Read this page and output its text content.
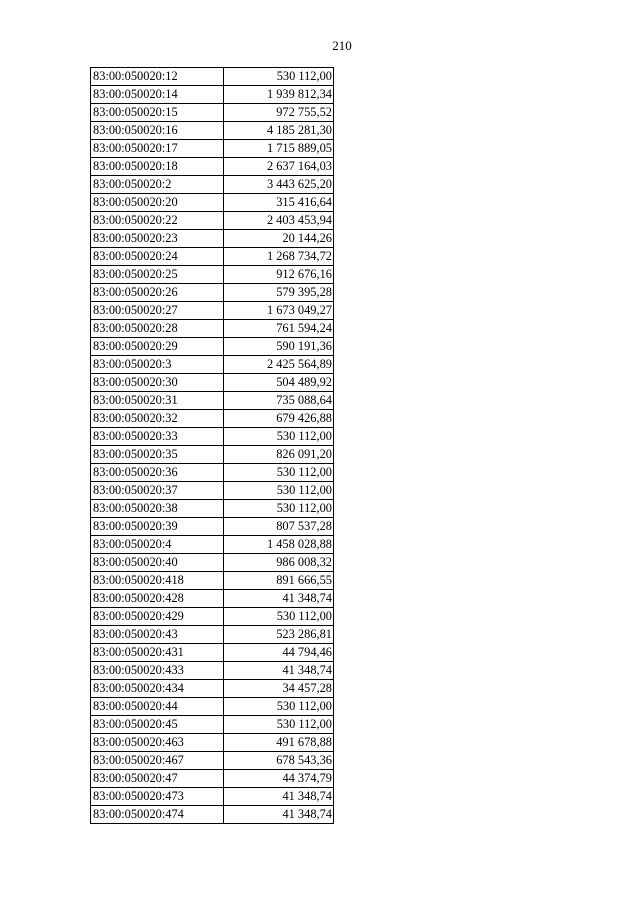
210
83:00:050020:12	530 112,00
83:00:050020:14	1 939 812,34
83:00:050020:15	972 755,52
83:00:050020:16	4 185 281,30
83:00:050020:17	1 715 889,05
83:00:050020:18	2 637 164,03
83:00:050020:2	3 443 625,20
83:00:050020:20	315 416,64
83:00:050020:22	2 403 453,94
83:00:050020:23	20 144,26
83:00:050020:24	1 268 734,72
83:00:050020:25	912 676,16
83:00:050020:26	579 395,28
83:00:050020:27	1 673 049,27
83:00:050020:28	761 594,24
83:00:050020:29	590 191,36
83:00:050020:3	2 425 564,89
83:00:050020:30	504 489,92
83:00:050020:31	735 088,64
83:00:050020:32	679 426,88
83:00:050020:33	530 112,00
83:00:050020:35	826 091,20
83:00:050020:36	530 112,00
83:00:050020:37	530 112,00
83:00:050020:38	530 112,00
83:00:050020:39	807 537,28
83:00:050020:4	1 458 028,88
83:00:050020:40	986 008,32
83:00:050020:418	891 666,55
83:00:050020:428	41 348,74
83:00:050020:429	530 112,00
83:00:050020:43	523 286,81
83:00:050020:431	44 794,46
83:00:050020:433	41 348,74
83:00:050020:434	34 457,28
83:00:050020:44	530 112,00
83:00:050020:45	530 112,00
83:00:050020:463	491 678,88
83:00:050020:467	678 543,36
83:00:050020:47	44 374,79
83:00:050020:473	41 348,74
83:00:050020:474	41 348,74
